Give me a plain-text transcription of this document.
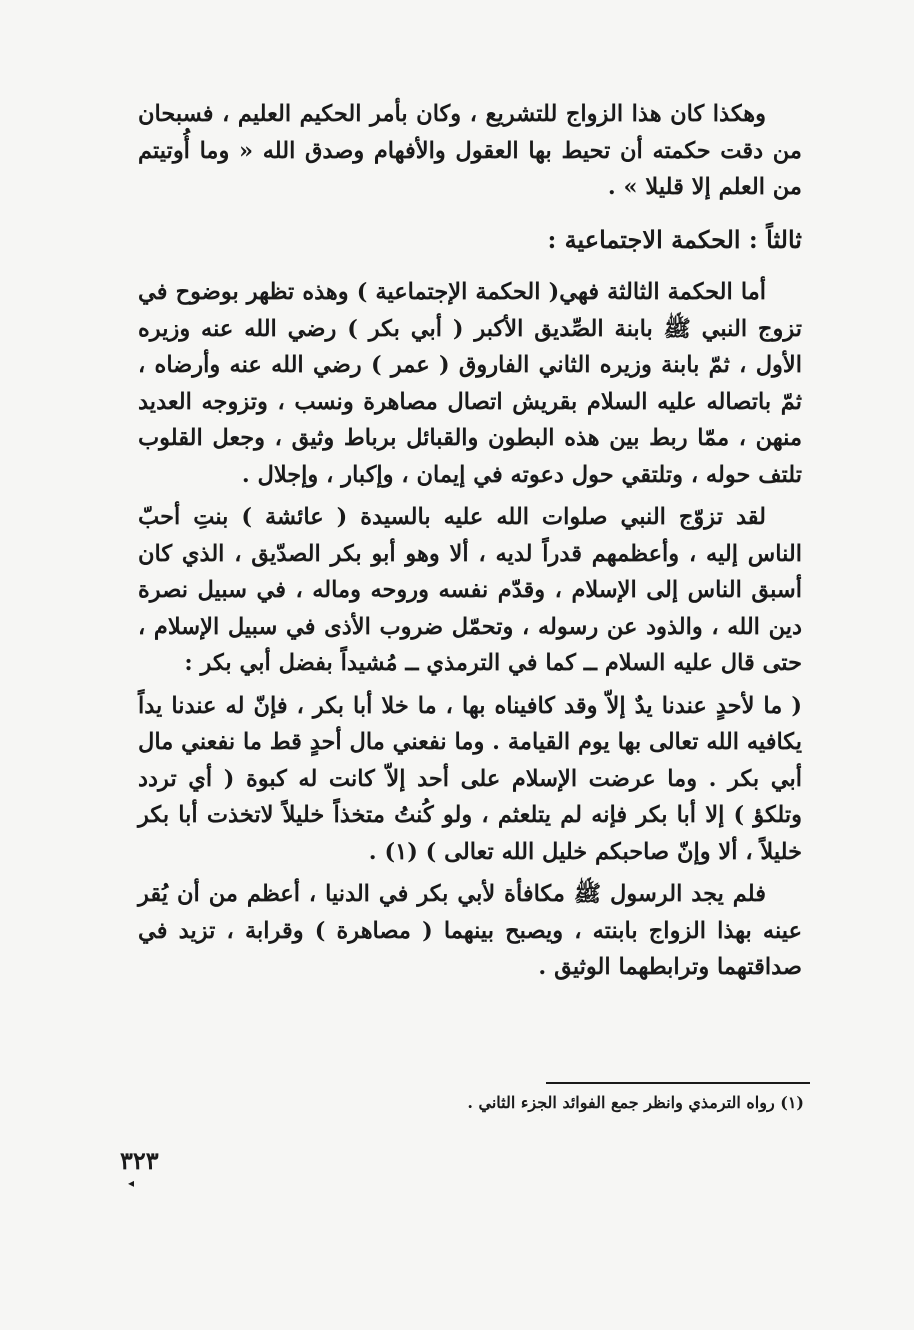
وهكذا كان هذا الزواج للتشريع ، وكان بأمر الحكيم العليم ، فسبحان من دقت حكمته أن تحيط بها العقول والأفهام وصدق الله « وما أُوتيتم من العلم إلا قليلا » .

ثالثاً : الحكمة الاجتماعية :

أما الحكمة الثالثة فهي( الحكمة الإجتماعية ) وهذه تظهر بوضوح في تزوج النبي ﷺ بابنة الصِّديق الأكبر ( أبي بكر ) رضي الله عنه وزيره الأول ، ثمّ بابنة وزيره الثاني الفاروق ( عمر ) رضي الله عنه وأرضاه ، ثمّ باتصاله عليه السلام بقريش اتصال مصاهرة ونسب ، وتزوجه العديد منهن ، ممّا ربط بين هذه البطون والقبائل برباط وثيق ، وجعل القلوب تلتف حوله ، وتلتقي حول دعوته في إيمان ، وإكبار ، وإجلال .

لقد تزوّج النبي صلوات الله عليه بالسيدة ( عائشة ) بنتِ أحبّ الناس إليه ، وأعظمهم قدراً لديه ، ألا وهو أبو بكر الصدّيق ، الذي كان أسبق الناس إلى الإسلام ، وقدّم نفسه وروحه وماله ، في سبيل نصرة دين الله ، والذود عن رسوله ، وتحمّل ضروب الأذى في سبيل الإسلام ، حتى قال عليه السلام ــ كما في الترمذي ــ مُشيداً بفضل أبي بكر :

( ما لأحدٍ عندنا يدٌ إلاّ وقد كافيناه بها ، ما خلا أبا بكر ، فإنّ له عندنا يداً يكافيه الله تعالى بها يوم القيامة . وما نفعني مال أحدٍ قط ما نفعني مال أبي بكر . وما عرضت الإسلام على أحد إلاّ كانت له كبوة ( أي تردد وتلكؤ ) إلا أبا بكر فإنه لم يتلعثم ، ولو كُنتُ متخذاً خليلاً لاتخذت أبا بكر خليلاً ، ألا وإنّ صاحبكم خليل الله تعالى ) (١) .

فلم يجد الرسول ﷺ مكافأة لأبي بكر في الدنيا ، أعظم من أن يُقر عينه بهذا الزواج بابنته ، ويصبح بينهما ( مصاهرة ) وقرابة ، تزيد في صداقتهما وترابطهما الوثيق .

(١) رواه الترمذي وانظر جمع الفوائد الجزء الثاني .
٣٢٣
◂
